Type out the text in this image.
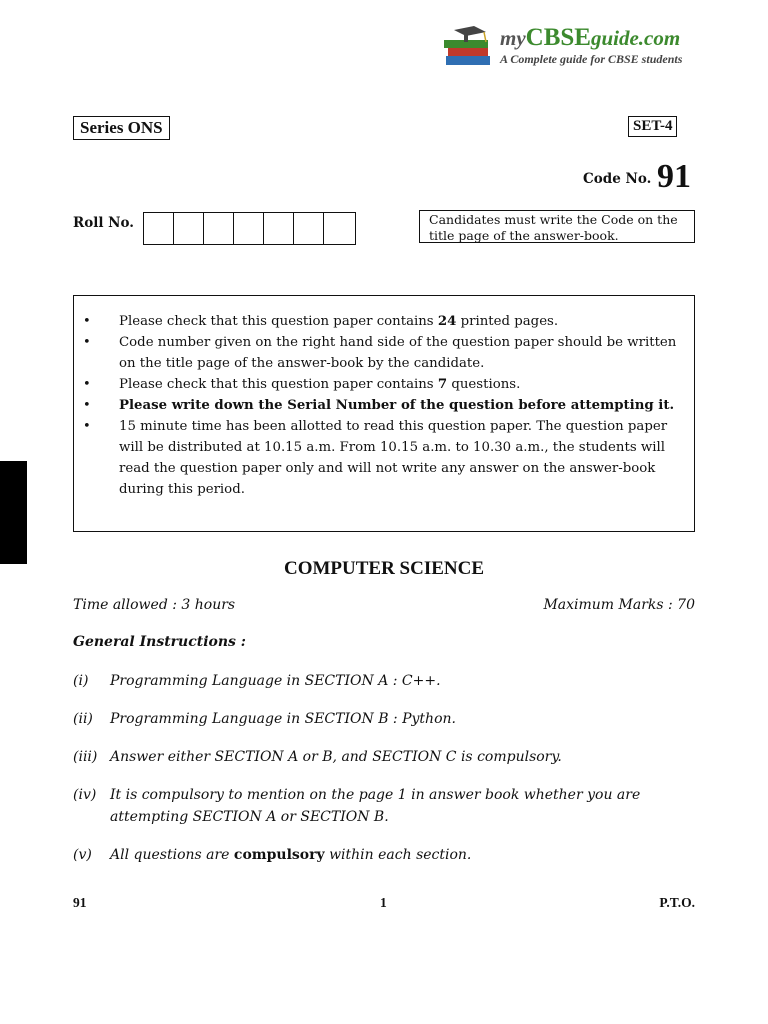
myCBSEguide.com
A Complete guide for CBSE students
Series ONS	SET-4
Code No. 91
Roll No.	Candidates must write the Code on the title page of the answer-book.
• Please check that this question paper contains 24 printed pages.
• Code number given on the right hand side of the question paper should be written on the title page of the answer-book by the candidate.
• Please check that this question paper contains 7 questions.
• Please write down the Serial Number of the question before attempting it.
• 15 minute time has been allotted to read this question paper. The question paper will be distributed at 10.15 a.m. From 10.15 a.m. to 10.30 a.m., the students will read the question paper only and will not write any answer on the answer-book during this period.
COMPUTER SCIENCE
Time allowed : 3 hours	Maximum Marks : 70
General Instructions :
(i) Programming Language in SECTION A : C++.
(ii) Programming Language in SECTION B : Python.
(iii) Answer either SECTION A or B, and SECTION C is compulsory.
(iv) It is compulsory to mention on the page 1 in answer book whether you are attempting SECTION A or SECTION B.
(v) All questions are compulsory within each section.
91	1	P.T.O.
